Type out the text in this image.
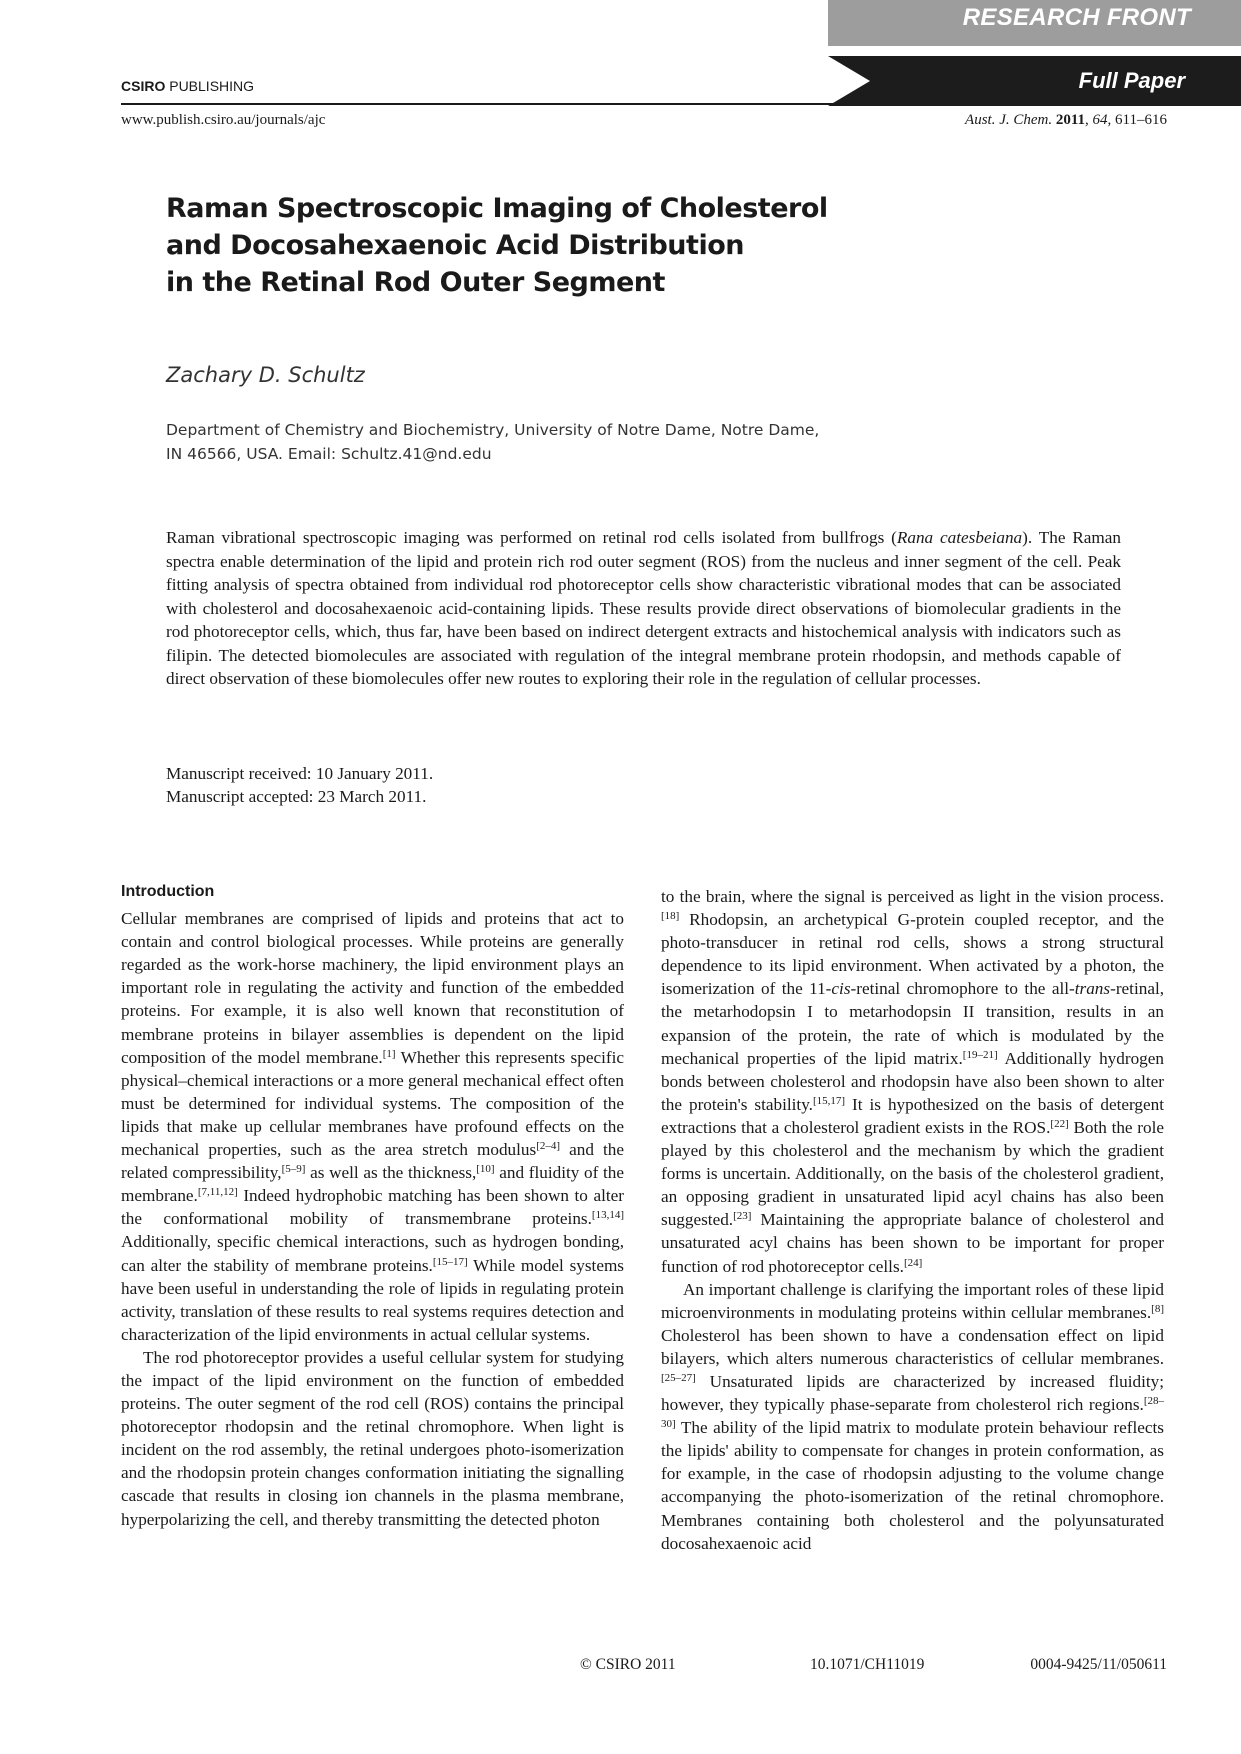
RESEARCH FRONT
Full Paper
CSIRO PUBLISHING
www.publish.csiro.au/journals/ajc	Aust. J. Chem. 2011, 64, 611–616
Raman Spectroscopic Imaging of Cholesterol
and Docosahexaenoic Acid Distribution
in the Retinal Rod Outer Segment
Zachary D. Schultz
Department of Chemistry and Biochemistry, University of Notre Dame, Notre Dame,
IN 46566, USA. Email: Schultz.41@nd.edu
Raman vibrational spectroscopic imaging was performed on retinal rod cells isolated from bullfrogs (Rana catesbeiana). The Raman spectra enable determination of the lipid and protein rich rod outer segment (ROS) from the nucleus and inner segment of the cell. Peak fitting analysis of spectra obtained from individual rod photoreceptor cells show characteristic vibrational modes that can be associated with cholesterol and docosahexaenoic acid-containing lipids. These results provide direct observations of biomolecular gradients in the rod photoreceptor cells, which, thus far, have been based on indirect detergent extracts and histochemical analysis with indicators such as filipin. The detected biomolecules are associated with regulation of the integral membrane protein rhodopsin, and methods capable of direct observation of these biomolecules offer new routes to exploring their role in the regulation of cellular processes.
Manuscript received: 10 January 2011.
Manuscript accepted: 23 March 2011.
Introduction

Cellular membranes are comprised of lipids and proteins that act to contain and control biological processes. While proteins are generally regarded as the work-horse machinery, the lipid environment plays an important role in regulating the activity and function of the embedded proteins. For example, it is also well known that reconstitution of membrane proteins in bilayer assemblies is dependent on the lipid composition of the model membrane.[1] Whether this represents specific physical–chemical interactions or a more general mechanical effect often must be determined for individual systems. The composition of the lipids that make up cellular membranes have profound effects on the mechanical properties, such as the area stretch modulus[2–4] and the related compressibility,[5–9] as well as the thickness,[10] and fluidity of the membrane.[7,11,12] Indeed hydrophobic matching has been shown to alter the conformational mobility of transmembrane proteins.[13,14] Additionally, specific chemical interactions, such as hydrogen bonding, can alter the stability of membrane proteins.[15–17] While model systems have been useful in understanding the role of lipids in regulating protein activity, translation of these results to real systems requires detection and characterization of the lipid environments in actual cellular systems.

The rod photoreceptor provides a useful cellular system for studying the impact of the lipid environment on the function of embedded proteins. The outer segment of the rod cell (ROS) contains the principal photoreceptor rhodopsin and the retinal chromophore. When light is incident on the rod assembly, the retinal undergoes photo-isomerization and the rhodopsin protein changes conformation initiating the signalling cascade that results in closing ion channels in the plasma membrane, hyperpolarizing the cell, and thereby transmitting the detected photon

to the brain, where the signal is perceived as light in the vision process.[18] Rhodopsin, an archetypical G-protein coupled receptor, and the photo-transducer in retinal rod cells, shows a strong structural dependence to its lipid environment. When activated by a photon, the isomerization of the 11-cis-retinal chromophore to the all-trans-retinal, the metarhodopsin I to metarhodopsin II transition, results in an expansion of the protein, the rate of which is modulated by the mechanical properties of the lipid matrix.[19–21] Additionally hydrogen bonds between cholesterol and rhodopsin have also been shown to alter the protein's stability.[15,17] It is hypothesized on the basis of detergent extractions that a cholesterol gradient exists in the ROS.[22] Both the role played by this cholesterol and the mechanism by which the gradient forms is uncertain. Additionally, on the basis of the cholesterol gradient, an opposing gradient in unsaturated lipid acyl chains has also been suggested.[23] Maintaining the appropriate balance of cholesterol and unsaturated acyl chains has been shown to be important for proper function of rod photoreceptor cells.[24]

An important challenge is clarifying the important roles of these lipid microenvironments in modulating proteins within cellular membranes.[8] Cholesterol has been shown to have a condensation effect on lipid bilayers, which alters numerous characteristics of cellular membranes.[25–27] Unsaturated lipids are characterized by increased fluidity; however, they typically phase-separate from cholesterol rich regions.[28–30] The ability of the lipid matrix to modulate protein behaviour reflects the lipids' ability to compensate for changes in protein conformation, as for example, in the case of rhodopsin adjusting to the volume change accompanying the photo-isomerization of the retinal chromophore. Membranes containing both cholesterol and the polyunsaturated docosahexaenoic acid

© CSIRO 2011	10.1071/CH11019	0004-9425/11/050611
